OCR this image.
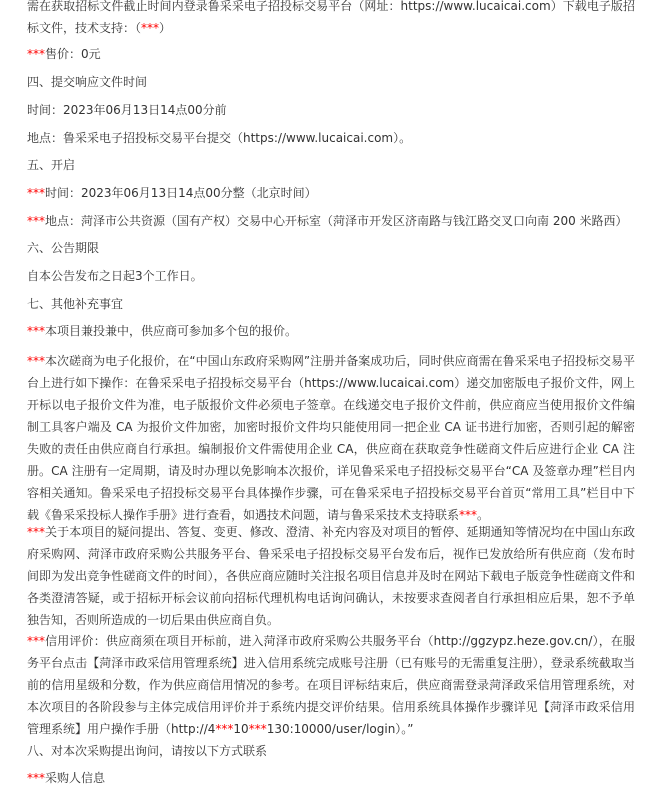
需在获取招标文件截止时间内登录鲁采采电子招投标交易平台（网址：https://www.lucaicai.com）下载电子版招标文件，技术支持：（***）
***售价：0元
四、提交响应文件时间
时间：2023年06月13日14点00分前
地点：鲁采采电子招投标交易平台提交（https://www.lucaicai.com）。
五、开启
***时间：2023年06月13日14点00分整（北京时间）
***地点：菏泽市公共资源（国有产权）交易中心开标室（菏泽市开发区济南路与钱江路交叉口向南 200 米路西）
六、公告期限
自本公告发布之日起3个工作日。
七、其他补充事宜
***本项目兼投兼中，供应商可参加多个包的报价。
***本次磋商为电子化报价，在“中国山东政府采购网”注册并备案成功后，同时供应商需在鲁采采电子招投标交易平台上进行如下操作：在鲁采采电子招投标交易平台（https://www.lucaicai.com）递交加密版电子报价文件，网上开标以电子报价文件为准，电子版报价文件必须电子签章。在线递交电子报价文件前，供应商应当使用报价文件编制工具客户端及 CA 为报价文件加密，加密时报价文件均只能使用同一把企业 CA 证书进行加密，否则引起的解密失败的责任由供应商自行承担。编制报价文件需使用企业 CA，供应商在获取竞争性磋商文件后应进行企业 CA 注册。CA 注册有一定周期，请及时办理以免影响本次报价，详见鲁采采电子招投标交易平台“CA 及签章办理”栏目内容相关通知。鲁采采电子招投标交易平台具体操作步骤，可在鲁采采电子招投标交易平台首页“常用工具”栏目中下载《鲁采采投标人操作手册》进行查看，如遇技术问题，请与鲁采采技术支持联系***。
***关于本项目的疑问提出、答复、变更、修改、澄清、补充内容及对项目的暂停、延期通知等情况均在中国山东政府采购网、菏泽市政府采购公共服务平台、鲁采采电子招投标交易平台发布后，视作已发放给所有供应商（发布时间即为发出竞争性磋商文件的时间），各供应商应随时关注报名项目信息并及时在网站下载电子版竞争性磋商文件和各类澄清答疑，或于招标开标会议前向招标代理机构电话询问确认，未按要求查阅者自行承担相应后果，恕不予单独告知，否则所造成的一切后果由供应商自负。
***信用评价：供应商须在项目开标前，进入菏泽市政府采购公共服务平台（http://ggzypz.heze.gov.cn/），在服务平台点击【菏泽市政采信用管理系统】进入信用系统完成账号注册（已有账号的无需重复注册），登录系统截取当前的信用星级和分数，作为供应商信用情况的参考。在项目评标结束后，供应商需登录菏泽政采信用管理系统，对本次项目的各阶段参与主体完成信用评价并于系统内提交评价结果。信用系统具体操作步骤详见【菏泽市政采信用管理系统】用户操作手册（http://4***10***130:10000/user/login）。”
八、对本次采购提出询问，请按以下方式联系
***采购人信息
